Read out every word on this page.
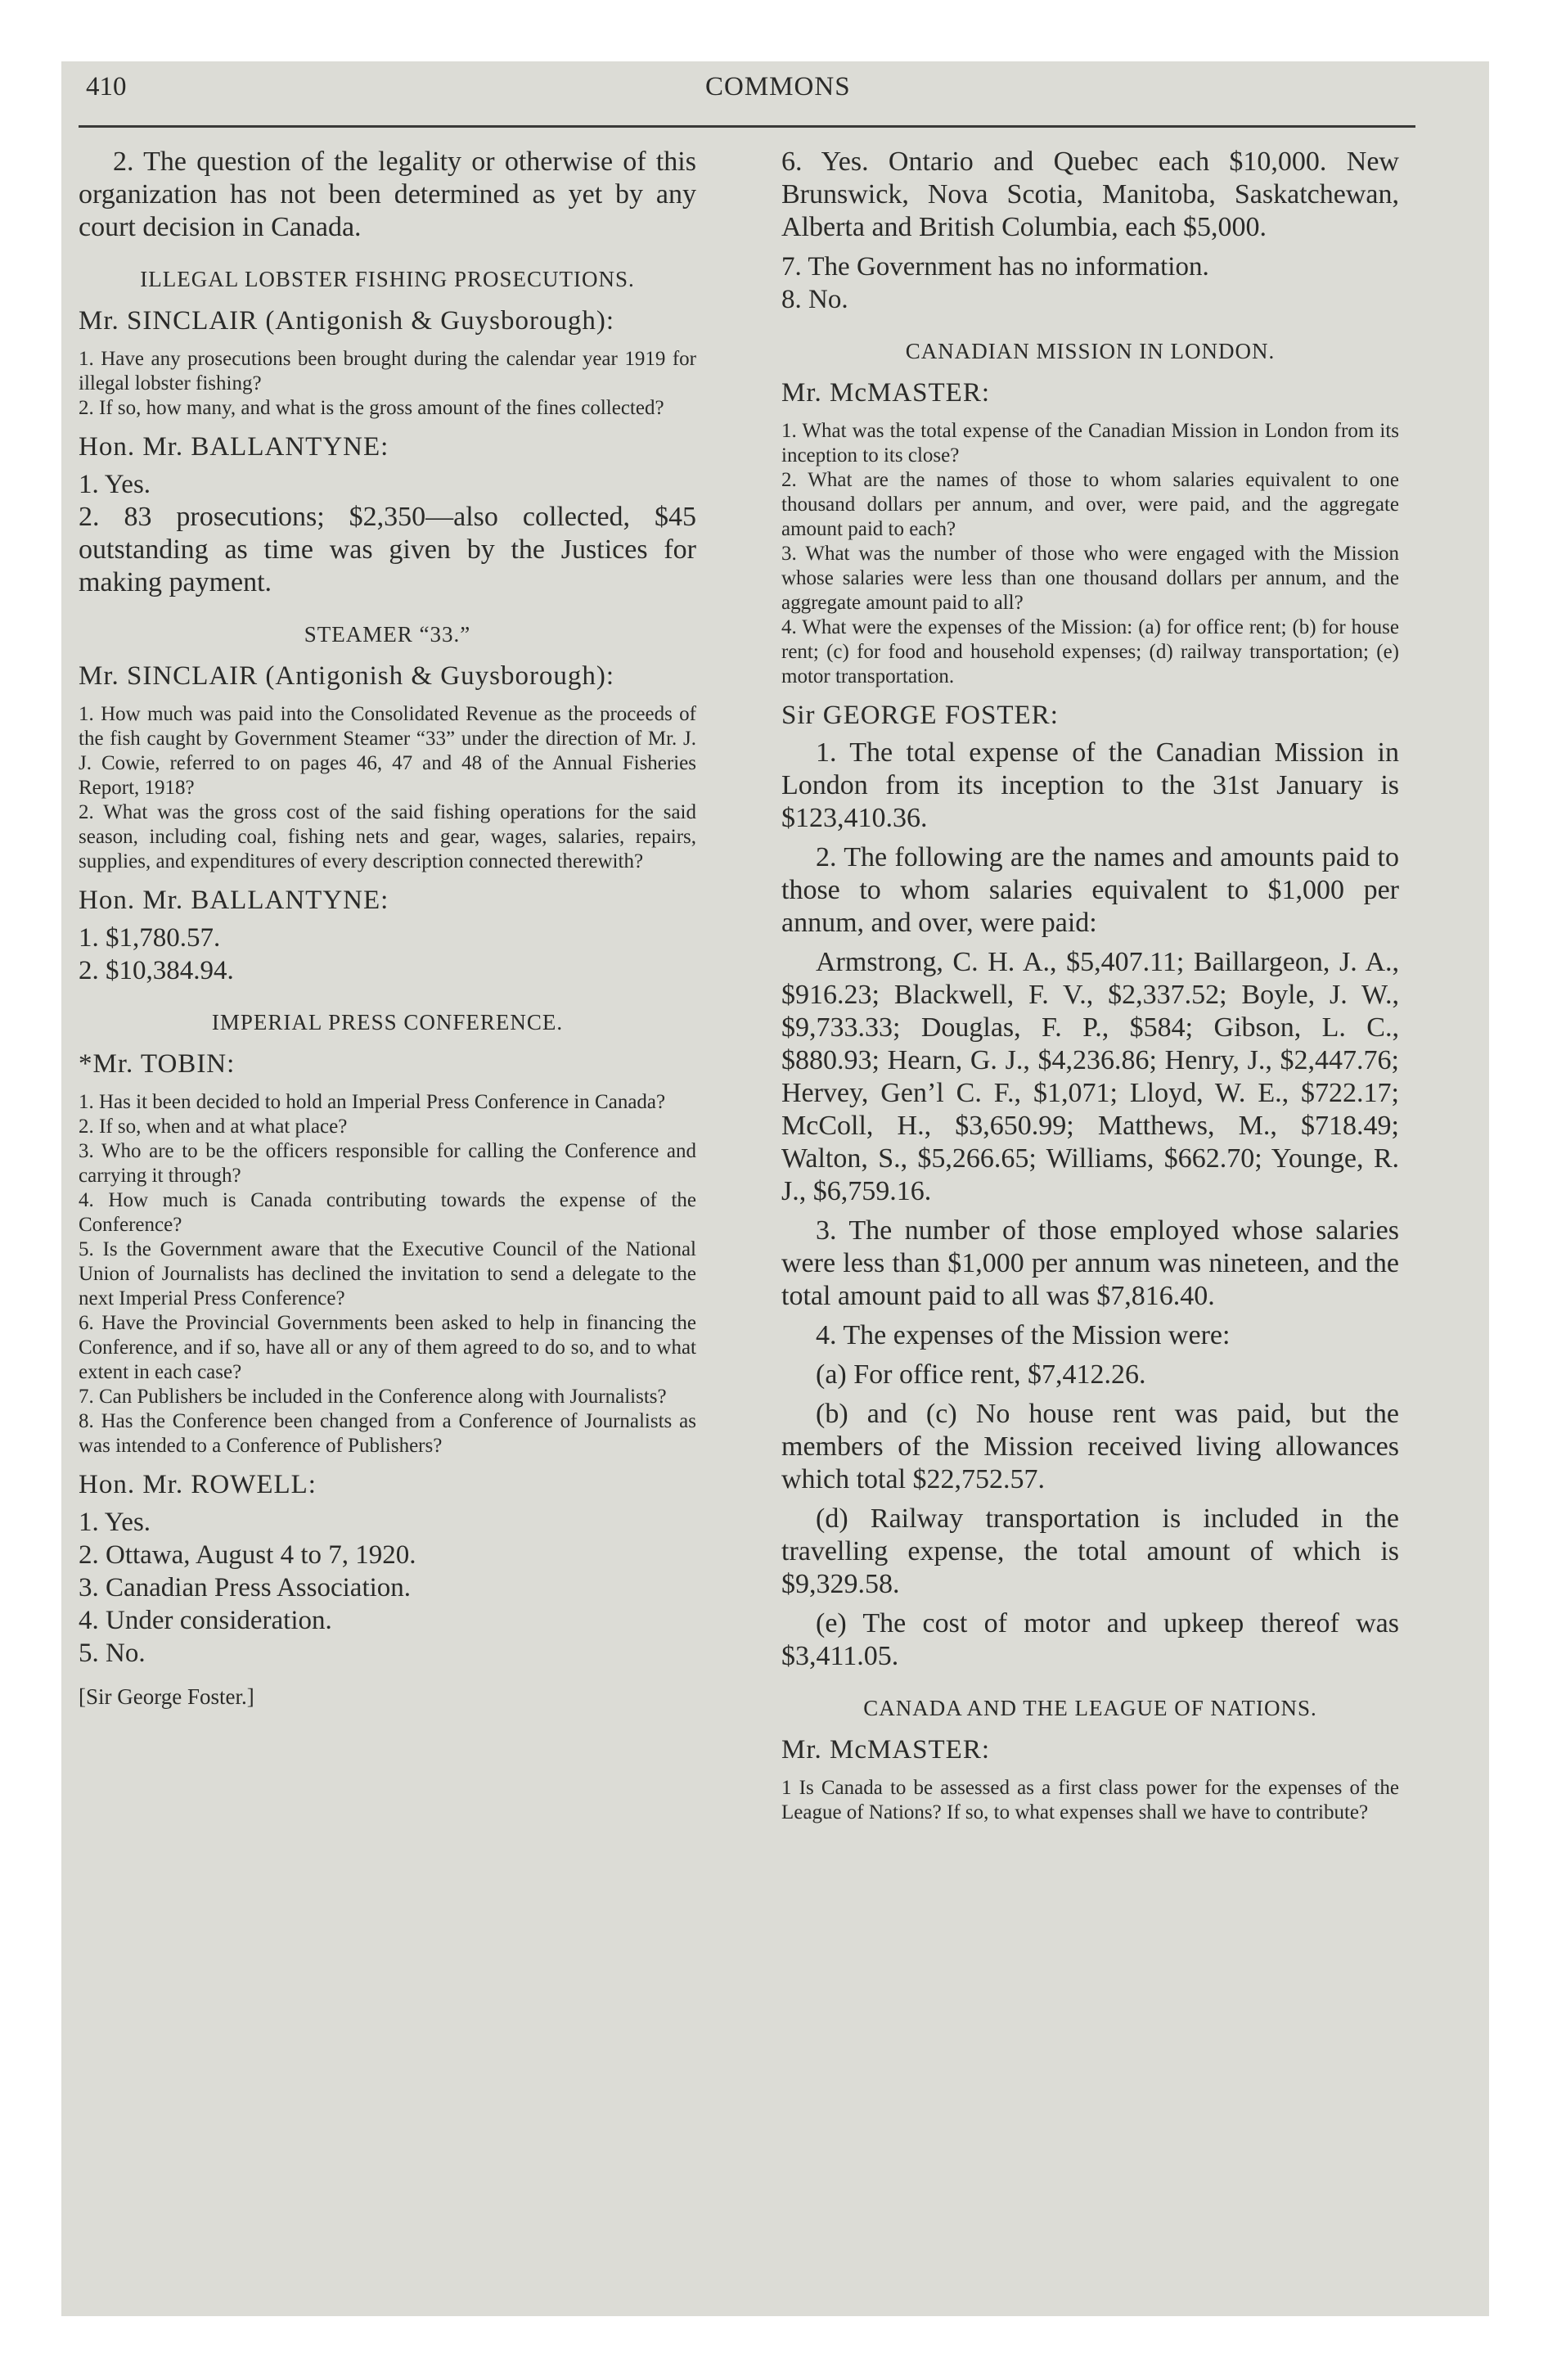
410	COMMONS

2. The question of the legality or otherwise of this organization has not been determined as yet by any court decision in Canada.

ILLEGAL LOBSTER FISHING PROSECUTIONS.
Mr. SINCLAIR (Antigonish & Guysborough):

1. Have any prosecutions been brought during the calendar year 1919 for illegal lobster fishing?

2. If so, how many, and what is the gross amount of the fines collected?

Hon. Mr. BALLANTYNE:

1. Yes.

2. 83 prosecutions; $2,350—also collected, $45 outstanding as time was given by the Justices for making payment.

STEAMER “33.”
Mr. SINCLAIR (Antigonish & Guysborough):

1. How much was paid into the Consolidated Revenue as the proceeds of the fish caught by Government Steamer “33” under the direction of Mr. J. J. Cowie, referred to on pages 46, 47 and 48 of the Annual Fisheries Report, 1918?

2. What was the gross cost of the said fishing operations for the said season, including coal, fishing nets and gear, wages, salaries, repairs, supplies, and expenditures of every description connected therewith?

Hon. Mr. BALLANTYNE:

1. $1,780.57.

2. $10,384.94.

IMPERIAL PRESS CONFERENCE.
*Mr. TOBIN:

1. Has it been decided to hold an Imperial Press Conference in Canada?

2. If so, when and at what place?

3. Who are to be the officers responsible for calling the Conference and carrying it through?

4. How much is Canada contributing towards the expense of the Conference?

5. Is the Government aware that the Executive Council of the National Union of Journalists has declined the invitation to send a delegate to the next Imperial Press Conference?

6. Have the Provincial Governments been asked to help in financing the Conference, and if so, have all or any of them agreed to do so, and to what extent in each case?

7. Can Publishers be included in the Conference along with Journalists?

8. Has the Conference been changed from a Conference of Journalists as was intended to a Conference of Publishers?

Hon. Mr. ROWELL:

1. Yes.

2. Ottawa, August 4 to 7, 1920.

3. Canadian Press Association.

4. Under consideration.

5. No.

[Sir George Foster.]

6. Yes. Ontario and Quebec each $10,000. New Brunswick, Nova Scotia, Manitoba, Saskatchewan, Alberta and British Columbia, each $5,000.

7. The Government has no information.

8. No.

CANADIAN MISSION IN LONDON.
Mr. McMASTER:

1. What was the total expense of the Canadian Mission in London from its inception to its close?

2. What are the names of those to whom salaries equivalent to one thousand dollars per annum, and over, were paid, and the aggregate amount paid to each?

3. What was the number of those who were engaged with the Mission whose salaries were less than one thousand dollars per annum, and the aggregate amount paid to all?

4. What were the expenses of the Mission: (a) for office rent; (b) for house rent; (c) for food and household expenses; (d) railway transportation; (e) motor transportation.

Sir GEORGE FOSTER:

1. The total expense of the Canadian Mission in London from its inception to the 31st January is $123,410.36.

2. The following are the names and amounts paid to those to whom salaries equivalent to $1,000 per annum, and over, were paid:

Armstrong, C. H. A., $5,407.11; Baillargeon, J. A., $916.23; Blackwell, F. V., $2,337.52; Boyle, J. W., $9,733.33; Douglas, F. P., $584; Gibson, L. C., $880.93; Hearn, G. J., $4,236.86; Henry, J., $2,447.76; Hervey, Gen’l C. F., $1,071; Lloyd, W. E., $722.17; McColl, H., $3,650.99; Matthews, M., $718.49; Walton, S., $5,266.65; Williams, $662.70; Younge, R. J., $6,759.16.

3. The number of those employed whose salaries were less than $1,000 per annum was nineteen, and the total amount paid to all was $7,816.40.

4. The expenses of the Mission were:

(a) For office rent, $7,412.26.

(b) and (c) No house rent was paid, but the members of the Mission received living allowances which total $22,752.57.

(d) Railway transportation is included in the travelling expense, the total amount of which is $9,329.58.

(e) The cost of motor and upkeep thereof was $3,411.05.

CANADA AND THE LEAGUE OF NATIONS.
Mr. McMASTER:

1 Is Canada to be assessed as a first class power for the expenses of the League of Nations? If so, to what expenses shall we have to contribute?
